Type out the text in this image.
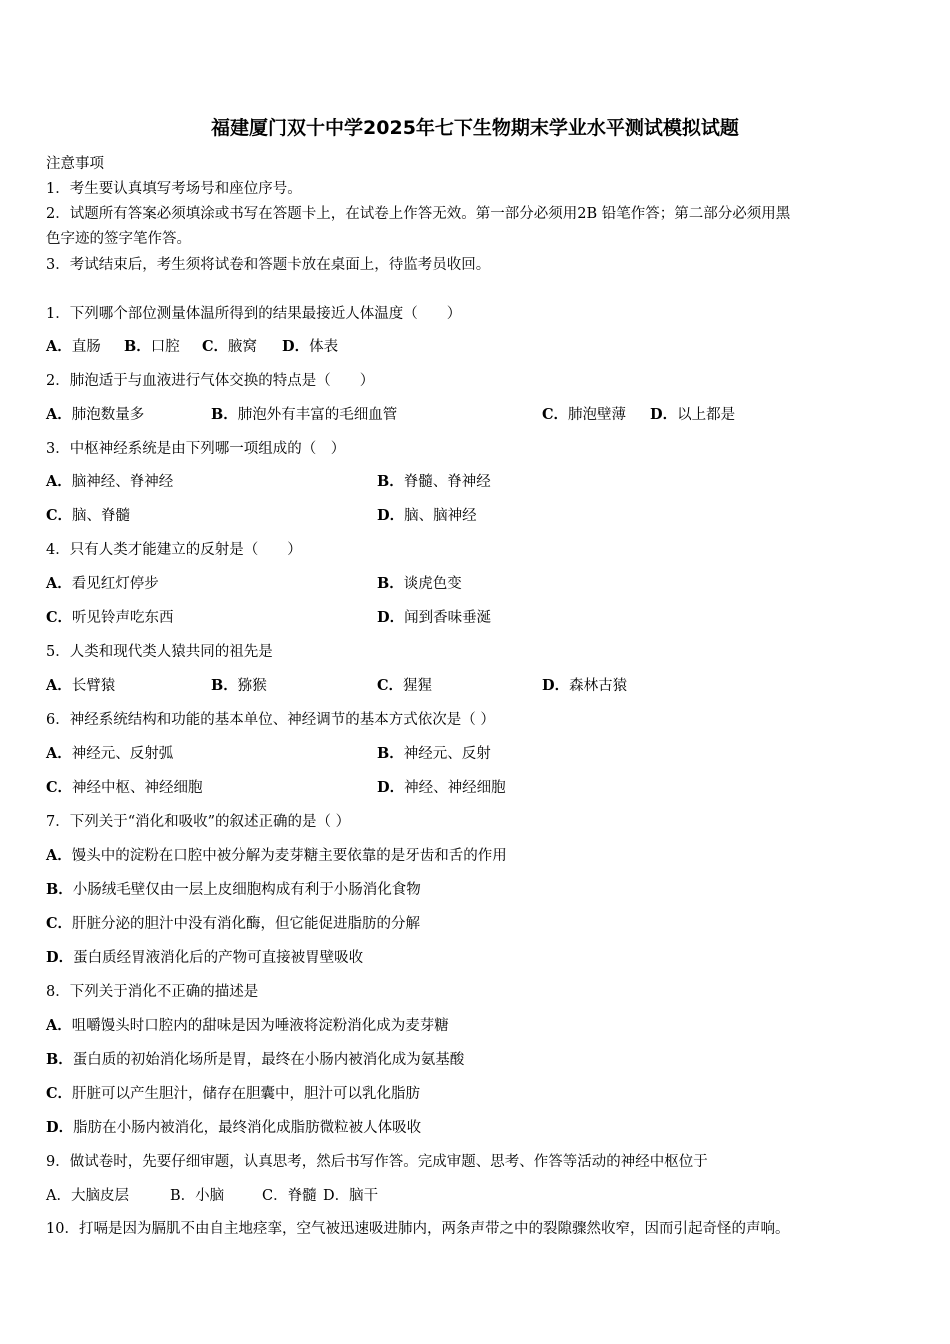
福建厦门双十中学2025年七下生物期末学业水平测试模拟试题
注意事项
1．考生要认真填写考场号和座位序号。
2．试题所有答案必须填涂或书写在答题卡上，在试卷上作答无效。第一部分必须用2B 铅笔作答；第二部分必须用黑
色字迹的签字笔作答。
3．考试结束后，考生须将试卷和答题卡放在桌面上，待监考员收回。
1．下列哪个部位测量体温所得到的结果最接近人体温度（　　）
A．直肠 B．口腔 C．腋窝 D．体表
2．肺泡适于与血液进行气体交换的特点是（　　）
A．肺泡数量多	B．肺泡外有丰富的毛细血管	C．肺泡壁薄 D．以上都是
3．中枢神经系统是由下列哪一项组成的（　）
A．脑神经、脊神经	B．脊髓、脊神经
C．脑、脊髓	D．脑、脑神经
4．只有人类才能建立的反射是（　　）
A．看见红灯停步	B．谈虎色变
C．听见铃声吃东西	D．闻到香味垂涎
5．人类和现代类人猿共同的祖先是
A．长臂猿	B．猕猴	C．猩猩	D．森林古猿
6．神经系统结构和功能的基本单位、神经调节的基本方式依次是（ ）
A．神经元、反射弧	B．神经元、反射
C．神经中枢、神经细胞	D．神经、神经细胞
7．下列关于“消化和吸收”的叙述正确的是（ ）
A．馒头中的淀粉在口腔中被分解为麦芽糖主要依靠的是牙齿和舌的作用
B．小肠绒毛壁仅由一层上皮细胞构成有利于小肠消化食物
C．肝脏分泌的胆汁中没有消化酶，但它能促进脂肪的分解
D．蛋白质经胃液消化后的产物可直接被胃壁吸收
8．下列关于消化不正确的描述是
A．咀嚼馒头时口腔内的甜味是因为唾液将淀粉消化成为麦芽糖
B．蛋白质的初始消化场所是胃，最终在小肠内被消化成为氨基酸
C．肝脏可以产生胆汁，储存在胆囊中，胆汁可以乳化脂肪
D．脂肪在小肠内被消化，最终消化成脂肪微粒被人体吸收
9．做试卷时，先要仔细审题，认真思考，然后书写作答。完成审题、思考、作答等活动的神经中枢位于
A．大脑皮层	B．小脑	C．脊髓 D．脑干
10．打嗝是因为膈肌不由自主地痉挛，空气被迅速吸进肺内，两条声带之中的裂隙骤然收窄，因而引起奇怪的声响。
